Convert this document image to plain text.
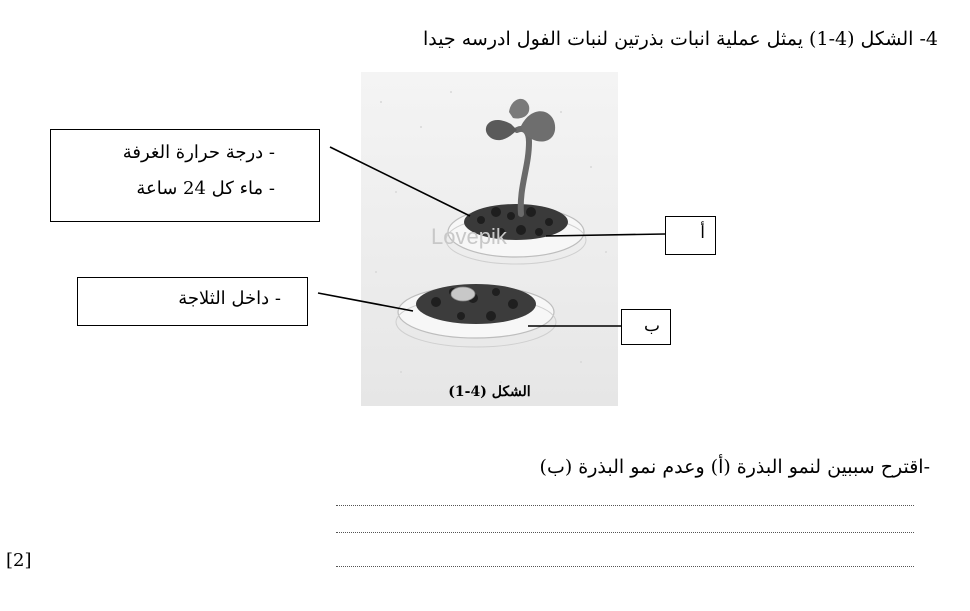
4- الشكل (4-1) يمثل عملية انبات بذرتين لنبات الفول ادرسه جيدا
Lovepik
الشكل (4-1)
- درجة حرارة الغرفة
- ماء كل 24 ساعة
- داخل الثلاجة
أ
ب
-اقترح سببين لنمو البذرة (أ) وعدم نمو البذرة (ب)
[2]
